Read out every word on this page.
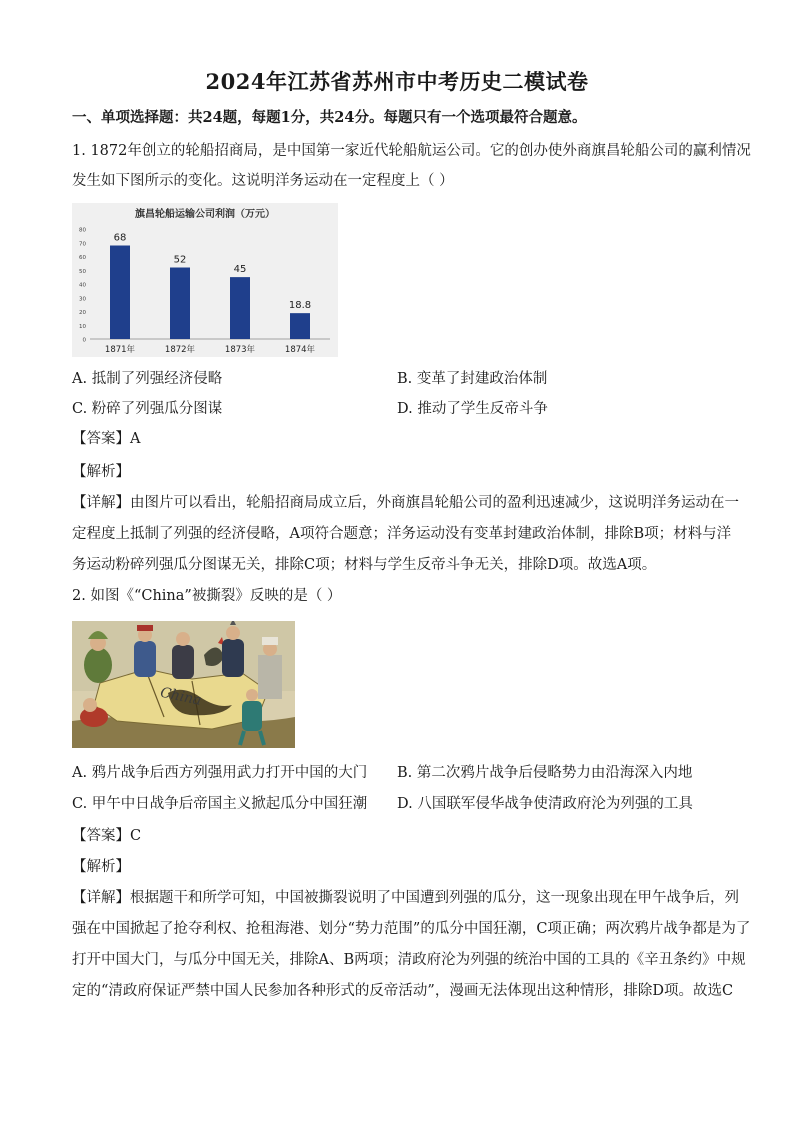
2024年江苏省苏州市中考历史二模试卷
一、单项选择题：共24题，每题1分，共24分。每题只有一个选项最符合题意。
1. 1872年创立的轮船招商局，是中国第一家近代轮船航运公司。它的创办使外商旗昌轮船公司的赢利情况
发生如下图所示的变化。这说明洋务运动在一定程度上（ ）
旗昌轮船运输公司利润（万元）
0
10
20
30
40
50
60
70
80
68
1871年
52
1872年
45
1873年
18.8
1874年
A. 抵制了列强经济侵略	B. 变革了封建政治体制
C. 粉碎了列强瓜分图谋	D. 推动了学生反帝斗争
【答案】A
【解析】
【详解】由图片可以看出，轮船招商局成立后，外商旗昌轮船公司的盈利迅速减少，这说明洋务运动在一
定程度上抵制了列强的经济侵略，A项符合题意；洋务运动没有变革封建政治体制，排除B项；材料与洋
务运动粉碎列强瓜分图谋无关，排除C项；材料与学生反帝斗争无关，排除D项。故选A项。
2. 如图《“China”被撕裂》反映的是（ ）
China
A. 鸦片战争后西方列强用武力打开中国的大门 B. 第二次鸦片战争后侵略势力由沿海深入内地
C. 甲午中日战争后帝国主义掀起瓜分中国狂潮 D. 八国联军侵华战争使清政府沦为列强的工具
【答案】C
【解析】
【详解】根据题干和所学可知，中国被撕裂说明了中国遭到列强的瓜分，这一现象出现在甲午战争后，列
强在中国掀起了抢夺利权、抢租海港、划分“势力范围”的瓜分中国狂潮，C项正确；两次鸦片战争都是为了
打开中国大门，与瓜分中国无关，排除A、B两项；清政府沦为列强的统治中国的工具的《辛丑条约》中规
定的“清政府保证严禁中国人民参加各种形式的反帝活动”，漫画无法体现出这种情形，排除D项。故选C
